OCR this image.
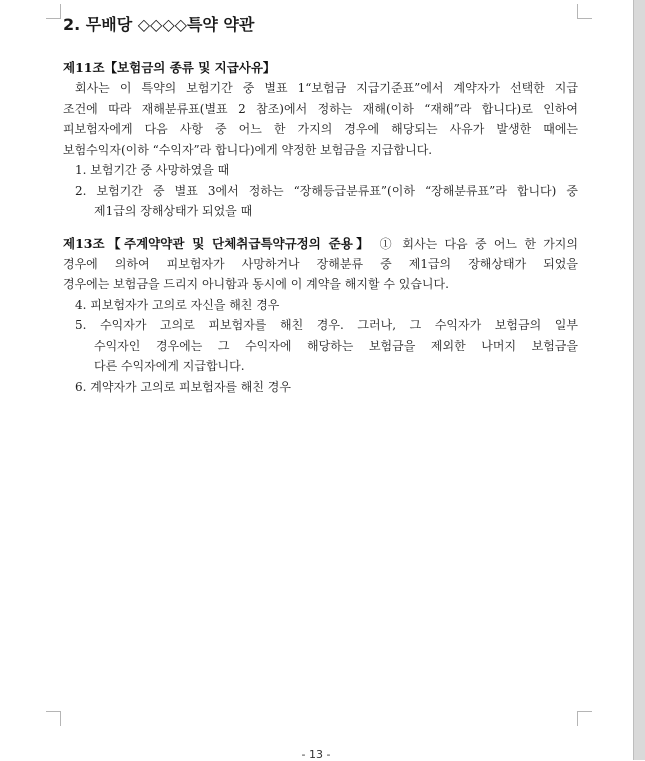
2. 무배당 ◇◇◇◇특약 약관
제11조【보험금의 종류 및 지급사유】
회사는 이 특약의 보험기간 중 별표 1“보험금 지급기준표”에서 계약자가 선택한 지급
조건에 따라 재해분류표(별표 2 참조)에서 정하는 재해(이하 “재해”라 합니다)로 인하여
피보험자에게 다음 사항 중 어느 한 가지의 경우에 해당되는 사유가 발생한 때에는
보험수익자(이하 “수익자”라 합니다)에게 약정한 보험금을 지급합니다.
1. 보험기간 중 사망하였을 때
2. 보험기간 중 별표 3에서 정하는 “장해등급분류표”(이하 “장해분류표”라 합니다) 중
제1급의 장해상태가 되었을 때
제13조【주계약약관 및 단체취급특약규정의 준용】 ① 회사는 다음 중 어느 한 가지의
경우에 의하여 피보험자가 사망하거나 장해분류 중 제1급의 장해상태가 되었을
경우에는 보험금을 드리지 아니함과 동시에 이 계약을 해지할 수 있습니다.
4. 피보험자가 고의로 자신을 해친 경우
5. 수익자가 고의로 피보험자를 해친 경우. 그러나, 그 수익자가 보험금의 일부
수익자인 경우에는 그 수익자에 해당하는 보험금을 제외한 나머지 보험금을
다른 수익자에게 지급합니다.
6. 계약자가 고의로 피보험자를 해친 경우
- 13 -
